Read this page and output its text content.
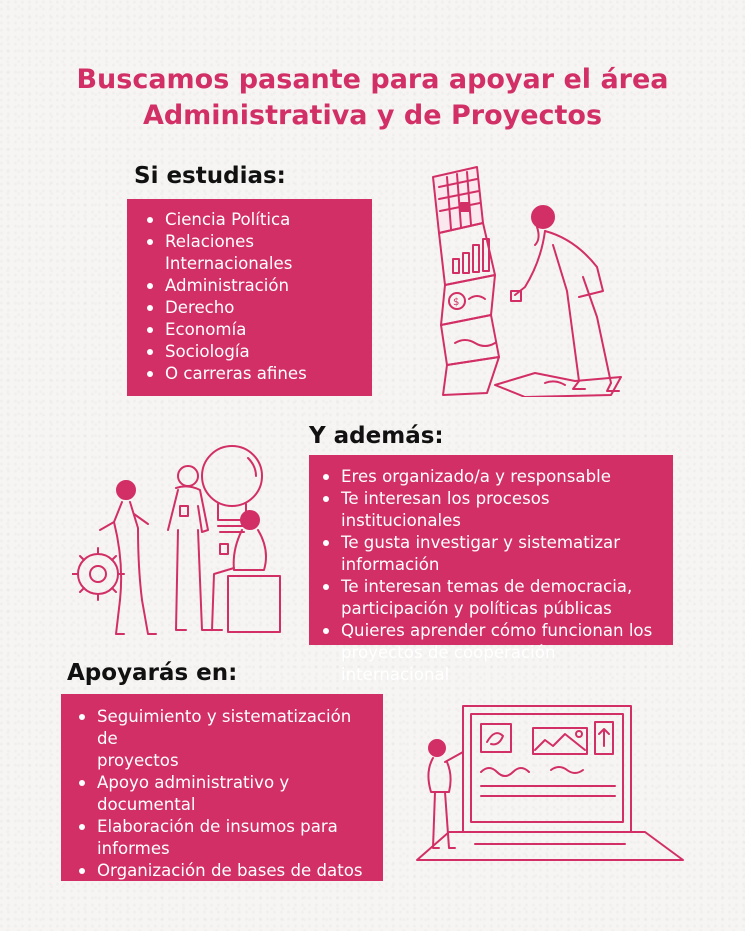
Buscamos pasante para apoyar el área
Administrativa y de Proyectos
Si estudias:
Ciencia Política
Relaciones
Internacionales
Administración
Derecho
Economía
Sociología
O carreras afines
Y además:
Eres organizado/a y responsable
Te interesan los procesos institucionales
Te gusta investigar y sistematizar
información
Te interesan temas de democracia,
participación y políticas públicas
Quieres aprender cómo funcionan los
proyectos de cooperación internacional
Apoyarás en:
Seguimiento y sistematización de
proyectos
Apoyo administrativo y
documental
Elaboración de insumos para
informes
Organización de bases de datos
$
